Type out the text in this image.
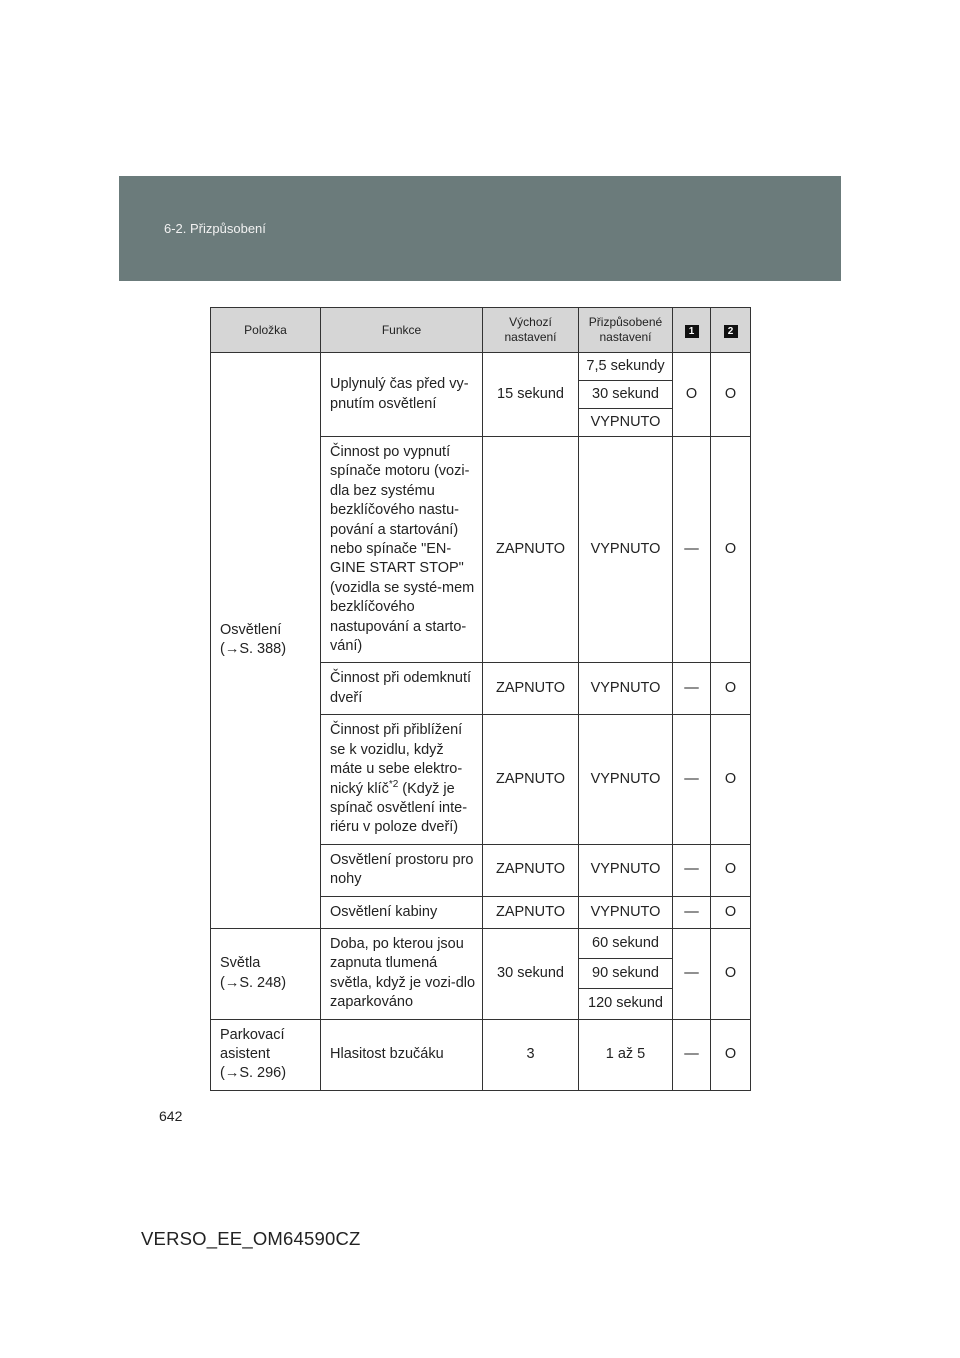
6-2. Přizpůsobení
Položka	Funkce	Výchozí nastavení	Přizpůsobené nastavení	1	2

Osvětlení
(→S. 388)	Uplynulý čas před vy-pnutím osvětlení	15 sekund	7,5 sekundy	O	O
			30 sekund		
			VYPNUTO		
	Činnost po vypnutí spínače motoru (vozi-dla bez systému bezklíčového nastu-pování a startování) nebo spínače "EN-GINE START STOP" (vozidla se systé-mem bezklíčového nastupování a starto-vání)	ZAPNUTO	VYPNUTO	—	O
	Činnost při odemknutí dveří	ZAPNUTO	VYPNUTO	—	O
	Činnost při přiblížení se k vozidlu, když máte u sebe elektro-nický klíč$^{*2}$ (Když je spínač osvětlení inte-riéru v poloze dveří)	ZAPNUTO	VYPNUTO	—	O
	Osvětlení prostoru pro nohy	ZAPNUTO	VYPNUTO	—	O
	Osvětlení kabiny	ZAPNUTO	VYPNUTO	—	O

Světla
(→S. 248)	Doba, po kterou jsou zapnuta tlumená světla, když je vozi-dlo zaparkováno	30 sekund	60 sekund	—	O
			90 sekund		
			120 sekund		

Parkovací
asistent
(→S. 296)	Hlasitost bzučáku	3	1 až 5	—	O
642
VERSO_EE_OM64590CZ
